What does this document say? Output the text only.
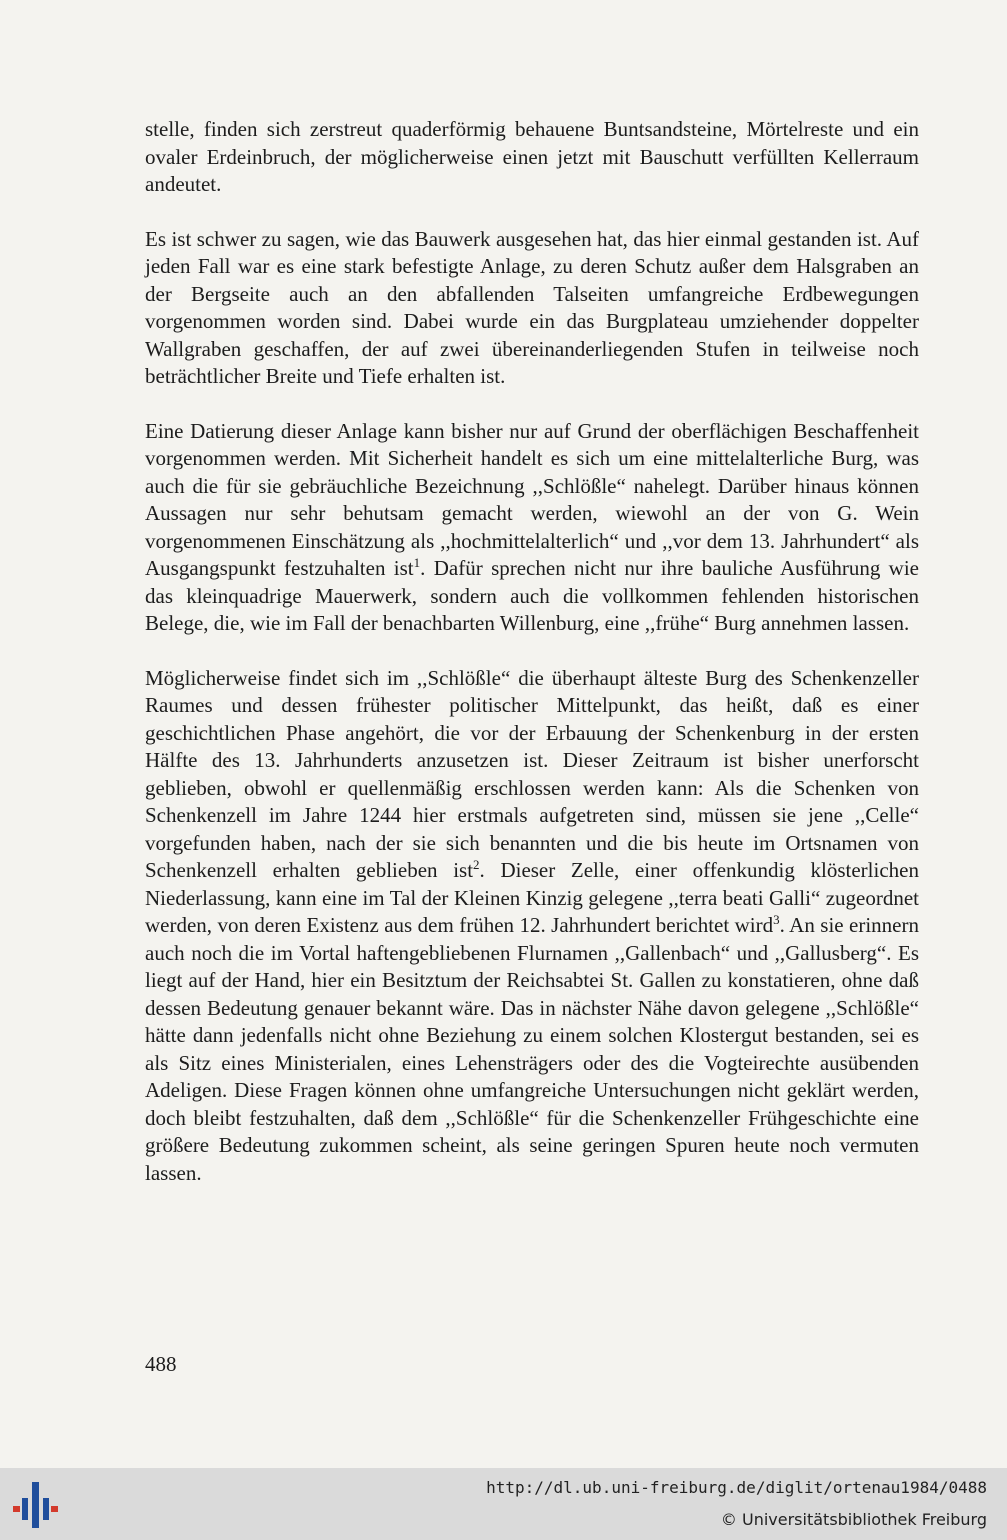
stelle, finden sich zerstreut quaderförmig behauene Buntsandsteine, Mörtelreste und ein ovaler Erdeinbruch, der möglicherweise einen jetzt mit Bauschutt verfüllten Kellerraum andeutet.

Es ist schwer zu sagen, wie das Bauwerk ausgesehen hat, das hier einmal gestanden ist. Auf jeden Fall war es eine stark befestigte Anlage, zu deren Schutz außer dem Halsgraben an der Bergseite auch an den abfallenden Talseiten umfangreiche Erdbewegungen vorgenommen worden sind. Dabei wurde ein das Burgplateau umziehender doppelter Wallgraben geschaffen, der auf zwei übereinanderliegenden Stufen in teilweise noch beträchtlicher Breite und Tiefe erhalten ist.

Eine Datierung dieser Anlage kann bisher nur auf Grund der oberflächigen Beschaffenheit vorgenommen werden. Mit Sicherheit handelt es sich um eine mittelalterliche Burg, was auch die für sie gebräuchliche Bezeichnung ,,Schlößle“ nahelegt. Darüber hinaus können Aussagen nur sehr behutsam gemacht werden, wiewohl an der von G. Wein vorgenommenen Einschätzung als ,,hochmittelalterlich“ und ,,vor dem 13. Jahrhundert“ als Ausgangspunkt festzuhalten ist$^1$. Dafür sprechen nicht nur ihre bauliche Ausführung wie das kleinquadrige Mauerwerk, sondern auch die vollkommen fehlenden historischen Belege, die, wie im Fall der benachbarten Willenburg, eine ,,frühe“ Burg annehmen lassen.

Möglicherweise findet sich im ,,Schlößle“ die überhaupt älteste Burg des Schenkenzeller Raumes und dessen frühester politischer Mittelpunkt, das heißt, daß es einer geschichtlichen Phase angehört, die vor der Erbauung der Schenkenburg in der ersten Hälfte des 13. Jahrhunderts anzusetzen ist. Dieser Zeitraum ist bisher unerforscht geblieben, obwohl er quellenmäßig erschlossen werden kann: Als die Schenken von Schenkenzell im Jahre 1244 hier erstmals aufgetreten sind, müssen sie jene ,,Celle“ vorgefunden haben, nach der sie sich benannten und die bis heute im Ortsnamen von Schenkenzell erhalten geblieben ist$^2$. Dieser Zelle, einer offenkundig klösterlichen Niederlassung, kann eine im Tal der Kleinen Kinzig gelegene ,,terra beati Galli“ zugeordnet werden, von deren Existenz aus dem frühen 12. Jahrhundert berichtet wird$^3$. An sie erinnern auch noch die im Vortal haftengebliebenen Flurnamen ,,Gallenbach“ und ,,Gallusberg“. Es liegt auf der Hand, hier ein Besitztum der Reichsabtei St. Gallen zu konstatieren, ohne daß dessen Bedeutung genauer bekannt wäre. Das in nächster Nähe davon gelegene ,,Schlößle“ hätte dann jedenfalls nicht ohne Beziehung zu einem solchen Klostergut bestanden, sei es als Sitz eines Ministerialen, eines Lehensträgers oder des die Vogteirechte ausübenden Adeligen. Diese Fragen können ohne umfangreiche Untersuchungen nicht geklärt werden, doch bleibt festzuhalten, daß dem ,,Schlößle“ für die Schenkenzeller Frühgeschichte eine größere Bedeutung zukommen scheint, als seine geringen Spuren heute noch vermuten lassen.

488
http://dl.ub.uni-freiburg.de/diglit/ortenau1984/0488
© Universitätsbibliothek Freiburg
